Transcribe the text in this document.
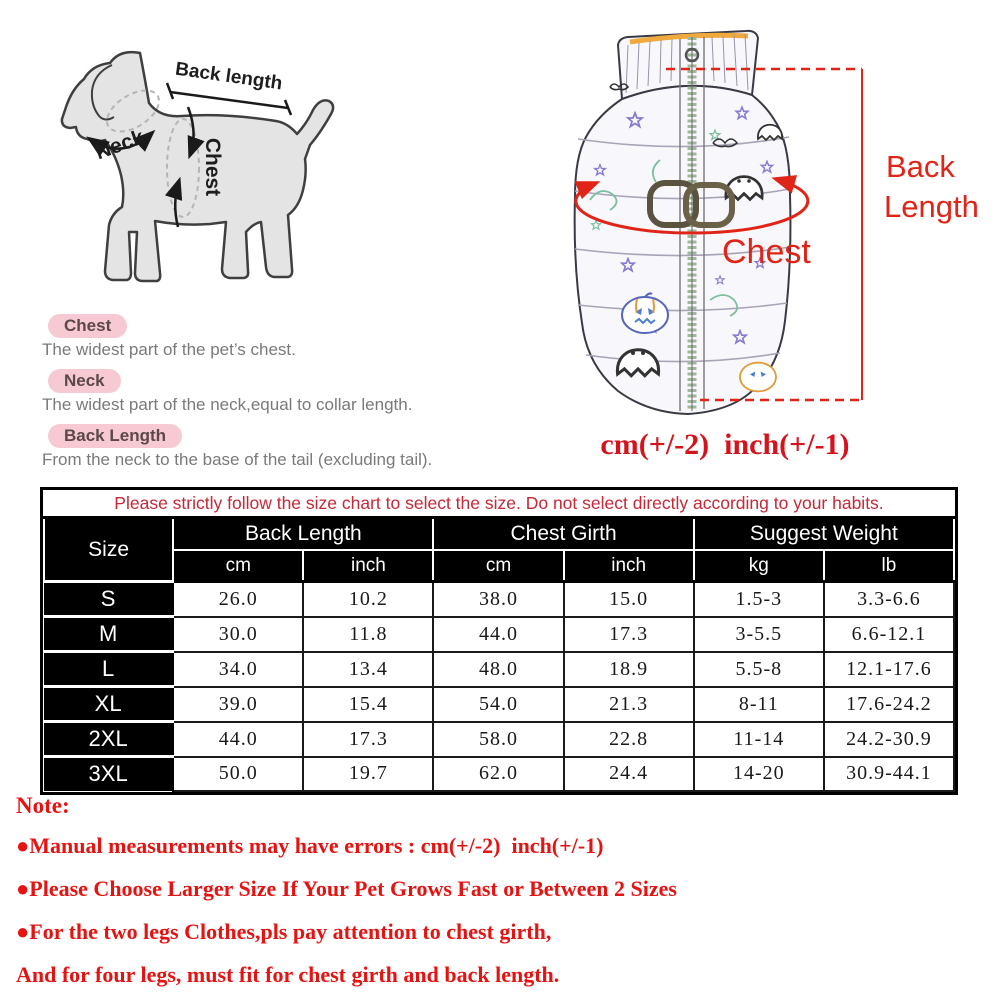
Back length
Neck	Chest
Chest
The widest part of the pet’s chest.
Neck
The widest part of the neck,equal to collar length.
Back Length
From the neck to the base of the tail (excluding tail).
Chest
Back
Length
cm(+/-2)  inch(+/-1)
Please strictly follow the size chart to select the size. Do not select directly according to your habits.						
Size	Back Length		Chest Girth		Suggest Weight	
	cm	inch	cm	inch	kg	lb
S	26.0	10.2	38.0	15.0	1.5-3	3.3-6.6
M	30.0	11.8	44.0	17.3	3-5.5	6.6-12.1
L	34.0	13.4	48.0	18.9	5.5-8	12.1-17.6
XL	39.0	15.4	54.0	21.3	8-11	17.6-24.2
2XL	44.0	17.3	58.0	22.8	11-14	24.2-30.9
3XL	50.0	19.7	62.0	24.4	14-20	30.9-44.1
Note:
●Manual measurements may have errors : cm(+/-2)  inch(+/-1)
●Please Choose Larger Size If Your Pet Grows Fast or Between 2 Sizes
●For the two legs Clothes,pls pay attention to chest girth,
And for four legs, must fit for chest girth and back length.
